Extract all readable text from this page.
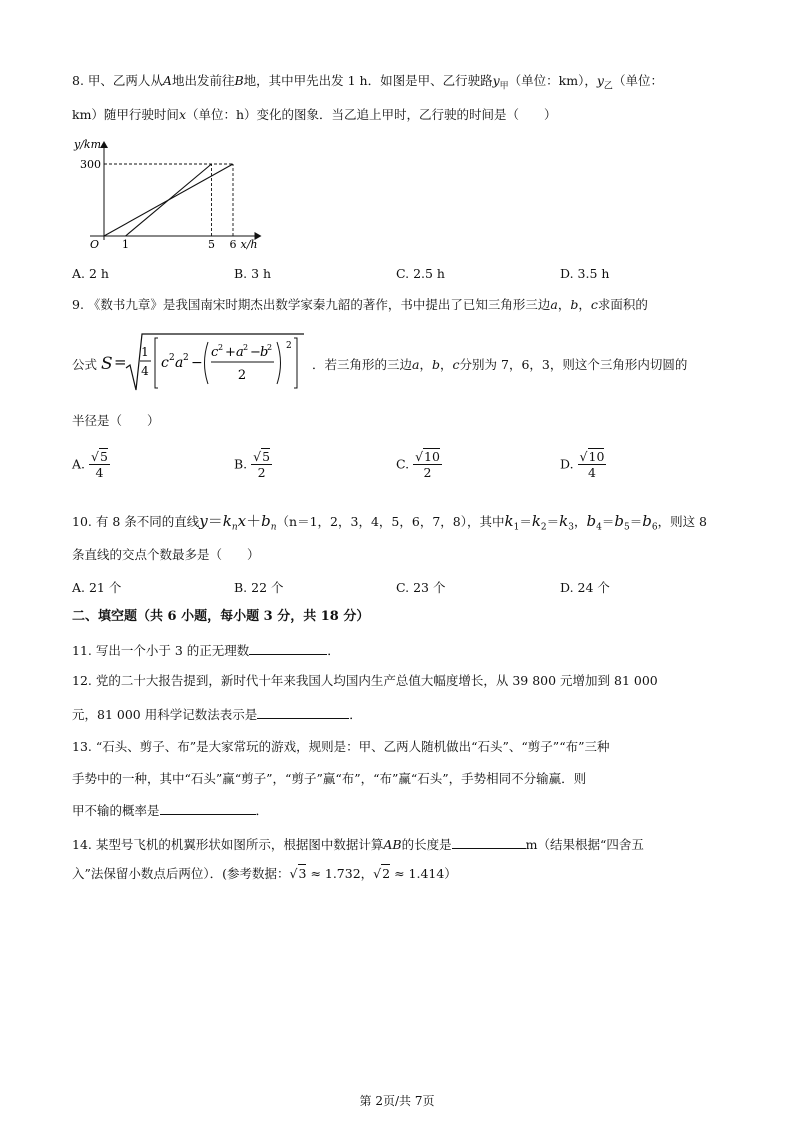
8. 甲、乙两人从A地出发前往B地，其中甲先出发 1 h．如图是甲、乙行驶路$y_甲$（单位：km），$y_乙$（单位：
km）随甲行驶时间x（单位：h）变化的图象．当乙追上甲时，乙行驶的时间是（　　）
1	5 6
300
O	x/h
y/km
A. 2 h	B. 3 h	C. 2.5 h	D. 3.5 h
9. 《数书九章》是我国南宋时期杰出数学家秦九韶的著作，书中提出了已知三角形三边a，b，c求面积的
公式 S =
1
4 c 2 a 2 −
c 2 + a 2 − b
2
2
2
．若三角形的三边a，b，c分别为 7，6，3，则这个三角形内切圆的
半径是（　　）
A. $\frac{√5}{4}$	B. $\frac{√5}{2}$	C. $\frac{√10}{2}$	D. $\frac{√10}{4}$
10. 有 8 条不同的直线$y=k_nx+b_n(n=1$，2，3，4，5，6，7，8），其中$k_1=k_2=k_3$，$b_4=b_5=b_6$，则这 8
条直线的交点个数最多是（　　）
A. 21 个	B. 22 个	C. 23 个	D. 24 个
二、填空题（共 6 小题，每小题 3 分，共 18 分）
11. 写出一个小于 3 的正无理数	．
12. 党的二十大报告提到，新时代十年来我国人均国内生产总值大幅度增长，从 39 800 元增加到 81 000
元，81 000 用科学记数法表示是	．
13. “石头、剪子、布”是大家常玩的游戏，规则是：甲、乙两人随机做出“石头”、“剪子”“布”三种
手势中的一种，其中“石头”赢“剪子”，“剪子”赢“布”，“布”赢“石头”，手势相同不分输赢．则
甲不输的概率是	．
14. 某型号飞机的机翼形状如图所示，根据图中数据计算AB的长度是	m（结果根据“四舍五
入”法保留小数点后两位）．(参考数据：√3 ≈ 1.732，√2 ≈ 1.414）
第 2页/共 7页
